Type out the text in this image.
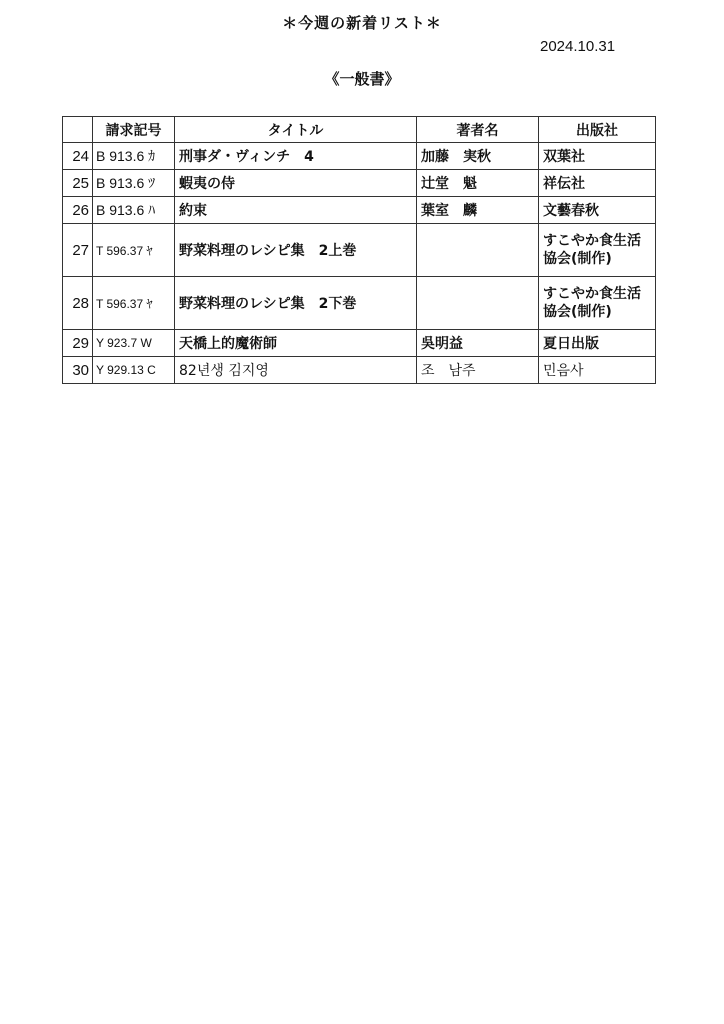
＊今週の新着リスト＊
2024.10.31
《一般書》
	請求記号	タイトル	著者名	出版社
24	B 913.6 ｶ	刑事ダ・ヴィンチ　4	加藤　実秋	双葉社
25	B 913.6 ﾂ	蝦夷の侍	辻堂　魁	祥伝社
26	B 913.6 ﾊ	約束	葉室　麟	文藝春秋
27	T 596.37 ﾔ	野菜料理のレシピ集　2上巻		すこやか食生活協会(制作)
28	T 596.37 ﾔ	野菜料理のレシピ集　2下巻		すこやか食生活協会(制作)
29	Y 923.7 W	天橋上的魔術師	吳明益	夏日出版
30	Y 929.13 C	82년생 김지영	조　남주	민음사
